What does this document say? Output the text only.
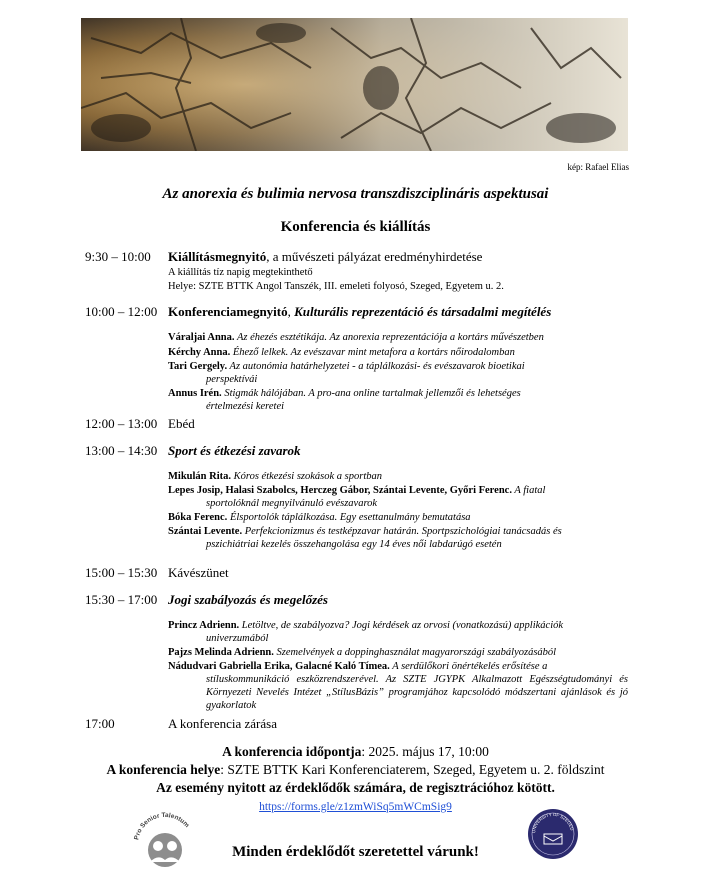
kép: Rafael Elias
Az anorexia és bulimia nervosa transzdiszciplináris aspektusai
Konferencia és kiállítás
9:30 – 10:00 Kiállításmegnyitó, a művészeti pályázat eredményhirdetése
A kiállítás tíz napig megtekinthető
Helye: SZTE BTTK Angol Tanszék, III. emeleti folyosó, Szeged, Egyetem u. 2.
10:00 – 12:00 Konferenciamegnyitó, Kulturális reprezentáció és társadalmi megítélés
Váraljai Anna. Az éhezés esztétikája. Az anorexia reprezentációja a kortárs művészetben
Kérchy Anna. Éhező lelkek. Az evészavar mint metafora a kortárs nőirodalomban
Tari Gergely. Az autonómia határhelyzetei - a táplálkozási- és evészavarok bioetikai
perspektívái
Annus Irén. Stigmák hálójában. A pro-ana online tartalmak jellemzői és lehetséges
értelmezési keretei
12:00 – 13:00 Ebéd
13:00 – 14:30 Sport és étkezési zavarok
Mikulán Rita. Kóros étkezési szokások a sportban
Lepes Josip, Halasi Szabolcs, Herczeg Gábor, Szántai Levente, Győri Ferenc. A fiatal
sportolóknál megnyilvánuló evészavarok
Bóka Ferenc. Élsportolók táplálkozása. Egy esettanulmány bemutatása
Szántai Levente. Perfekcionizmus és testképzavar határán. Sportpszichológiai tanácsadás és
pszichiátriai kezelés összehangolása egy 14 éves női labdarúgó esetén
15:00 – 15:30 Kávészünet
15:30 – 17:00 Jogi szabályozás és megelőzés
Princz Adrienn. Letöltve, de szabályozva? Jogi kérdések az orvosi (vonatkozású) applikációk
univerzumából
Pajzs Melinda Adrienn. Szemelvények a doppinghasználat magyarországi szabályozásából
Nádudvari Gabriella Erika, Galacné Kaló Tímea. A serdülőkori önértékelés erősítése a
stíluskommunikáció eszközrendszerével. Az SZTE JGYPK Alkalmazott Egészségtudományi és Környezeti Nevelés Intézet „StílusBázis” programjához kapcsolódó módszertani ajánlások és jó gyakorlatok
17:00	A konferencia zárása
A konferencia időpontja: 2025. május 17, 10:00
A konferencia helye: SZTE BTTK Kari Konferenciaterem, Szeged, Egyetem u. 2. földszint
Az esemény nyitott az érdeklődők számára, de regisztrációhoz kötött.
https://forms.gle/z1zmWiSq5mWCmSig9
Pro Senior Talentum
UNIVERSITY OF SZEGED
Minden érdeklődőt szeretettel várunk!
